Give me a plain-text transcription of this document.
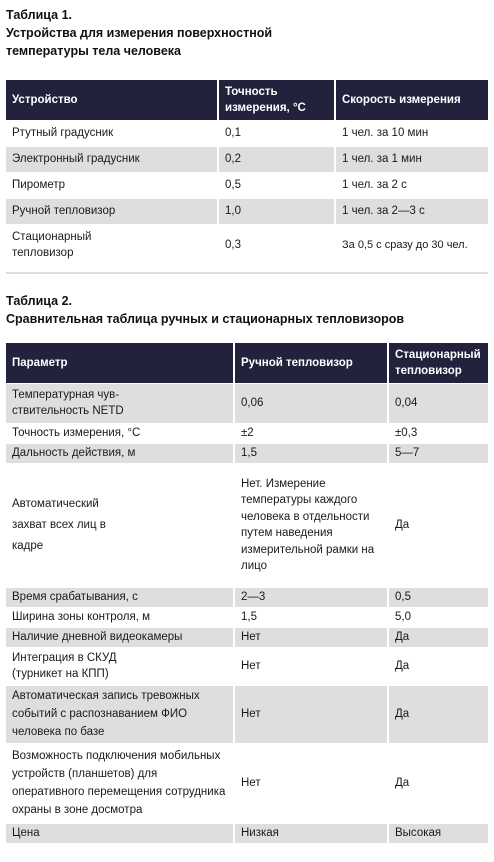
Таблица 1.
Устройства для измерения поверхностной
температуры тела человека
Устройство	Точность измерения, °С	Скорость измерения
Ртутный градусник	0,1	1 чел. за 10 мин
Электронный градусник	0,2	1 чел. за 1 мин
Пирометр	0,5	1 чел. за 2 с
Ручной тепловизор	1,0	1 чел. за 2—3 с
Стационарный тепловизор	0,3	За 0,5 с сразу до 30 чел.
Таблица 2.
Сравнительная таблица ручных и стационарных тепловизоров
Параметр	Ручной тепловизор	Стационарный тепловизор
Температурная чув-ствительность NETD	0,06	0,04
Точность измерения, °С	±2	±0,3
Дальность действия, м	1,5	5—7
Автоматический захват всех лиц в кадре	Нет. Измерение температуры каждого человека в отдельности путем наведения измерительной рамки на лицо	Да
Время срабатывания, с	2—3	0,5
Ширина зоны контроля, м	1,5	5,0
Наличие дневной видеокамеры	Нет	Да
Интеграция в СКУД (турникет на КПП)	Нет	Да
Автоматическая запись тревожных событий с распознаванием ФИО человека по базе	Нет	Да
Возможность подключения мобильных устройств (планшетов) для оперативного перемещения сотрудника охраны в зоне досмотра	Нет	Да
Цена	Низкая	Высокая
